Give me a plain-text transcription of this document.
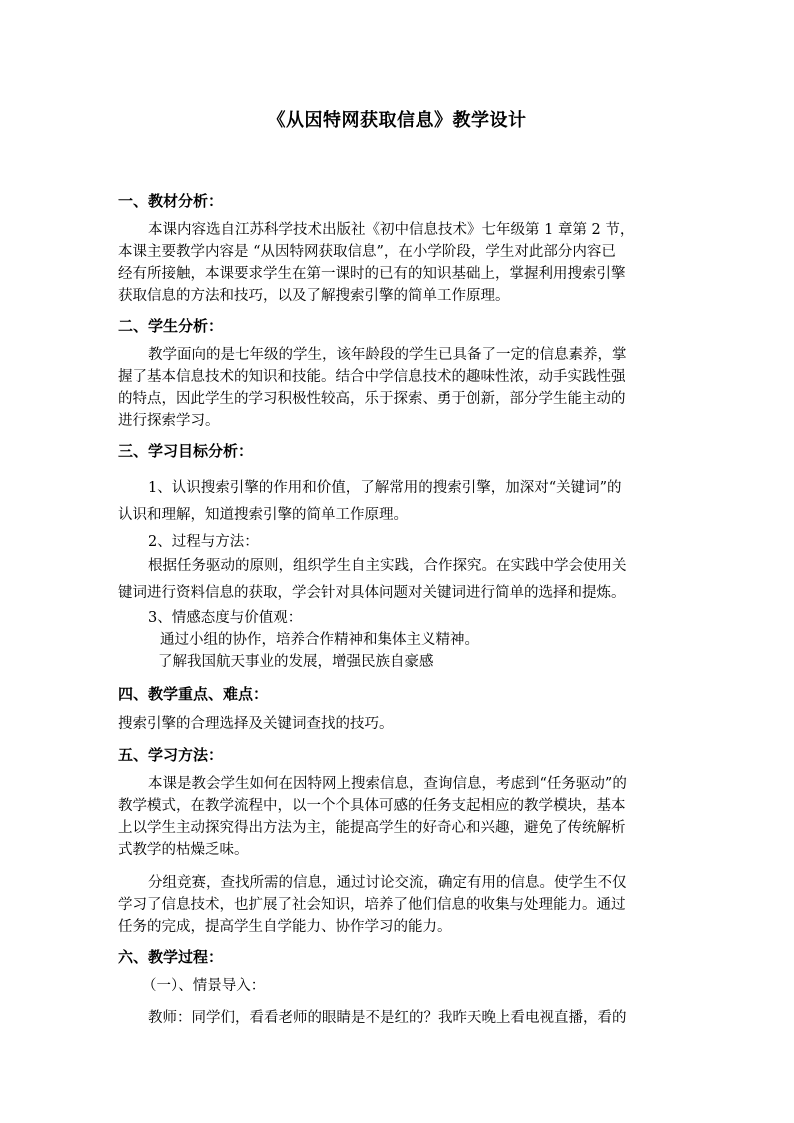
《从因特网获取信息》教学设计
一、教材分析：
本课内容选自江苏科学技术出版社《初中信息技术》七年级第 1 章第 2 节，
本课主要教学内容是 “从因特网获取信息”，在小学阶段，学生对此部分内容已
经有所接触，本课要求学生在第一课时的已有的知识基础上，掌握利用搜索引擎
获取信息的方法和技巧，以及了解搜索引擎的简单工作原理。
二、学生分析：
教学面向的是七年级的学生，该年龄段的学生已具备了一定的信息素养，掌
握了基本信息技术的知识和技能。结合中学信息技术的趣味性浓，动手实践性强
的特点，因此学生的学习积极性较高，乐于探索、勇于创新，部分学生能主动的
进行探索学习。
三、学习目标分析：
1、认识搜索引擎的作用和价值，了解常用的搜索引擎，加深对“关键词”的
认识和理解，知道搜索引擎的简单工作原理。
2、过程与方法：
根据任务驱动的原则，组织学生自主实践，合作探究。在实践中学会使用关
键词进行资料信息的获取，学会针对具体问题对关键词进行简单的选择和提炼。
3、情感态度与价值观：
通过小组的协作，培养合作精神和集体主义精神。
了解我国航天事业的发展，增强民族自豪感
四、教学重点、难点：
搜索引擎的合理选择及关键词查找的技巧。
五、学习方法：
本课是教会学生如何在因特网上搜索信息，查询信息，考虑到“任务驱动”的
教学模式，在教学流程中，以一个个具体可感的任务支起相应的教学模块，基本
上以学生主动探究得出方法为主，能提高学生的好奇心和兴趣，避免了传统解析
式教学的枯燥乏味。
分组竞赛，查找所需的信息，通过讨论交流，确定有用的信息。使学生不仅
学习了信息技术，也扩展了社会知识，培养了他们信息的收集与处理能力。通过
任务的完成，提高学生自学能力、协作学习的能力。
六、教学过程：
（一）、情景导入：
教师：同学们，看看老师的眼睛是不是红的？我昨天晚上看电视直播，看的
